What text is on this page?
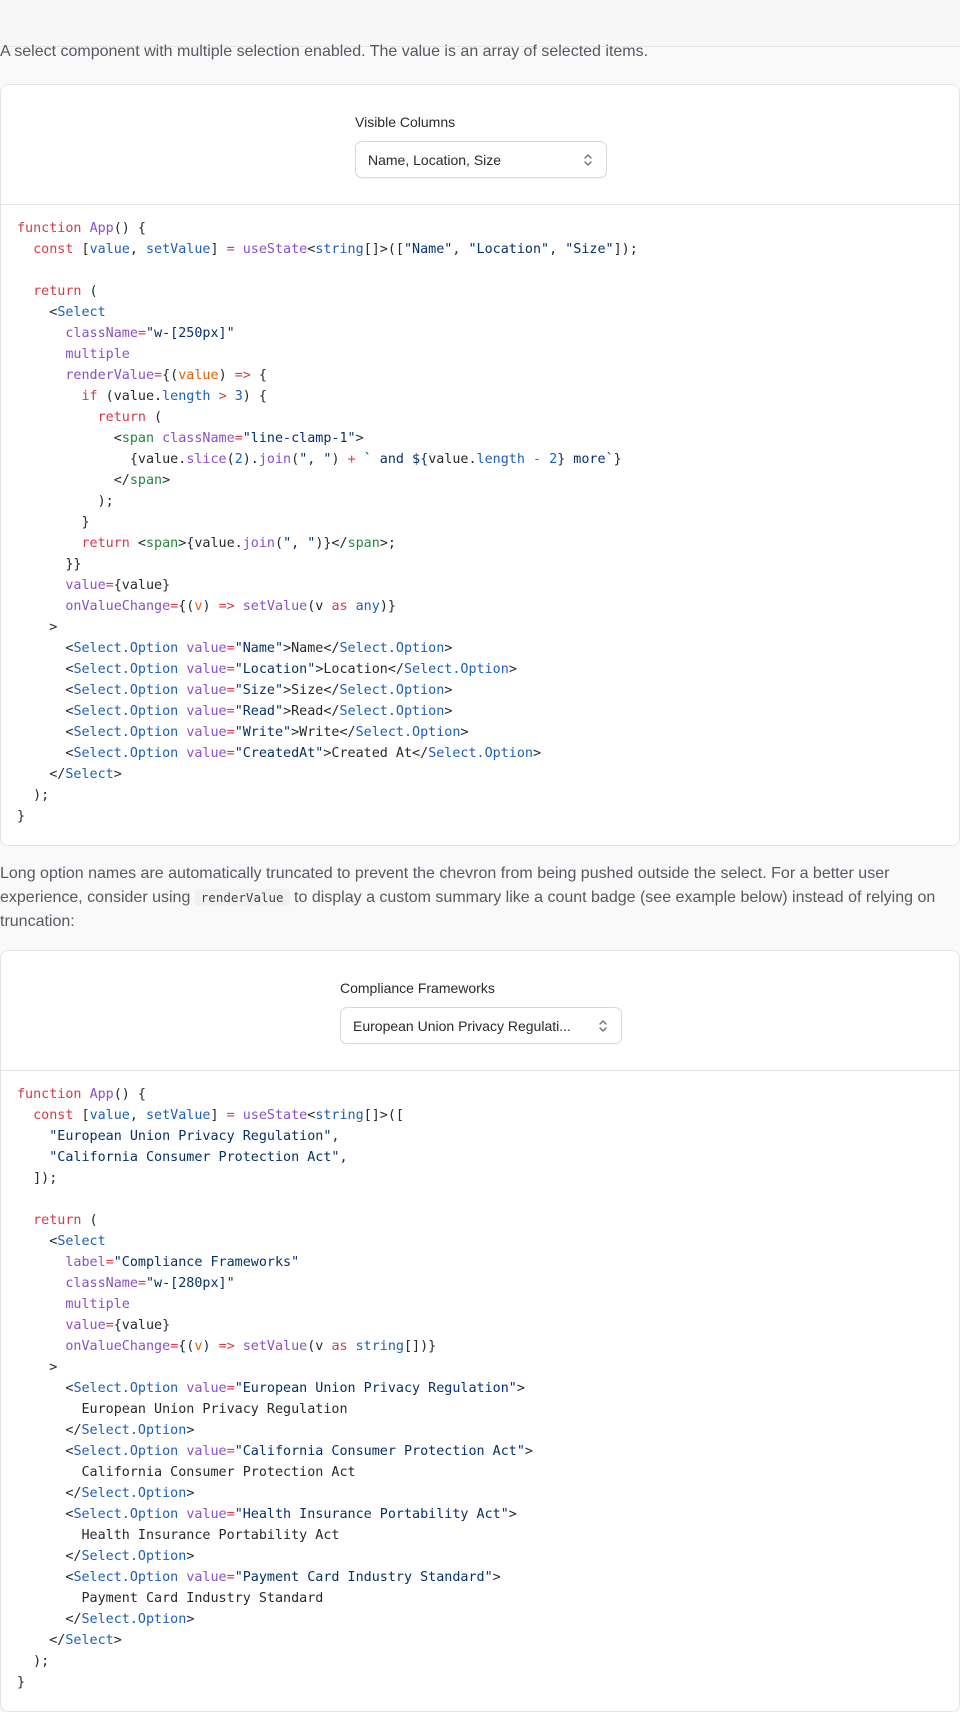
A select component with multiple selection enabled. The value is an array of selected items.

Visible Columns
Name, Location, Size
function App() {
const [value, setValue] = useState<string[]>(["Name", "Location", "Size"]);

return (
<Select
className="w-[250px]"
multiple
renderValue={(value) => {
if (value.length > 3) {
return (
<span className="line-clamp-1">
{value.slice(2).join(", ") + ` and ${value.length - 2} more`}
</span>
);
}
return <span>{value.join(", ")}</span>;
}}
value={value}
onValueChange={(v) => setValue(v as any)}
>
<Select.Option value="Name">Name</Select.Option>
<Select.Option value="Location">Location</Select.Option>
<Select.Option value="Size">Size</Select.Option>
<Select.Option value="Read">Read</Select.Option>
<Select.Option value="Write">Write</Select.Option>
<Select.Option value="CreatedAt">Created At</Select.Option>
</Select>
);
}

Long option names are automatically truncated to prevent the chevron from being pushed outside the select. For a better user experience, consider using renderValue to display a custom summary like a count badge (see example below) instead of relying on truncation:

Compliance Frameworks
European Union Privacy Regulati...
function App() {
const [value, setValue] = useState<string[]>([
"European Union Privacy Regulation",
"California Consumer Protection Act",
]);

return (
<Select
label="Compliance Frameworks"
className="w-[280px]"
multiple
value={value}
onValueChange={(v) => setValue(v as string[])}
>
<Select.Option value="European Union Privacy Regulation">
European Union Privacy Regulation
</Select.Option>
<Select.Option value="California Consumer Protection Act">
California Consumer Protection Act
</Select.Option>
<Select.Option value="Health Insurance Portability Act">
Health Insurance Portability Act
</Select.Option>
<Select.Option value="Payment Card Industry Standard">
Payment Card Industry Standard
</Select.Option>
</Select>
);
}
